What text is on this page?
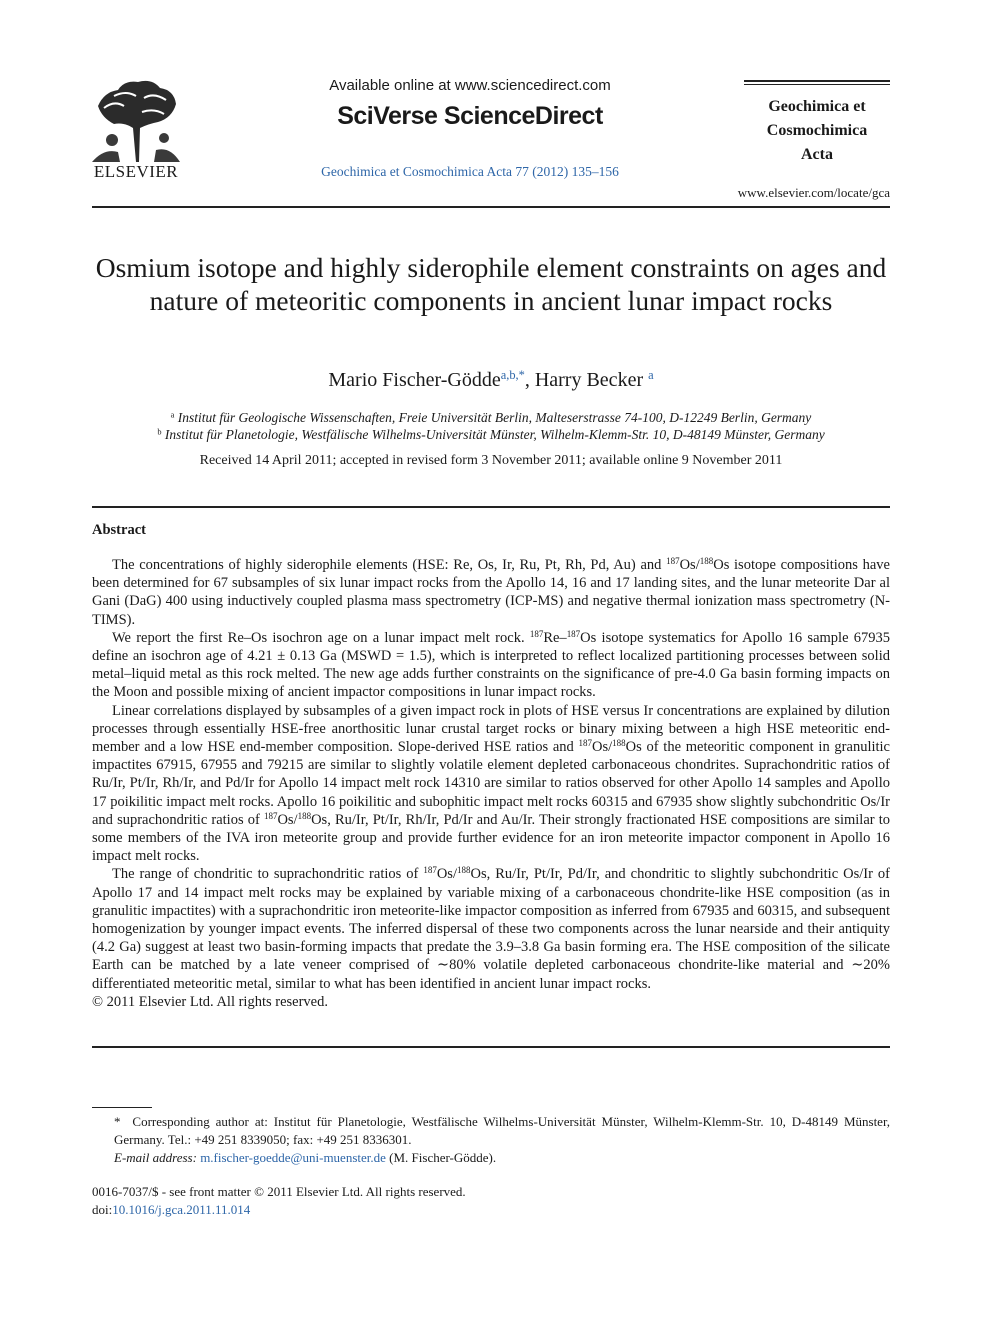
ELSEVIER
Available online at www.sciencedirect.com
SciVerse ScienceDirect
Geochimica et Cosmochimica Acta 77 (2012) 135–156
Geochimica et
Cosmochimica
Acta
www.elsevier.com/locate/gca
Osmium isotope and highly siderophile element constraints on ages and nature of meteoritic components in ancient lunar impact rocks
Mario Fischer-Gödde$^{a,b,*}$, Harry Becker $^a$
$^a$ Institut für Geologische Wissenschaften, Freie Universität Berlin, Malteserstrasse 74-100, D-12249 Berlin, Germany
$^b$ Institut für Planetologie, Westfälische Wilhelms-Universität Münster, Wilhelm-Klemm-Str. 10, D-48149 Münster, Germany
Received 14 April 2011; accepted in revised form 3 November 2011; available online 9 November 2011
Abstract

The concentrations of highly siderophile elements (HSE: Re, Os, Ir, Ru, Pt, Rh, Pd, Au) and $^{187}$Os/$^{188}$Os isotope compositions have been determined for 67 subsamples of six lunar impact rocks from the Apollo 14, 16 and 17 landing sites, and the lunar meteorite Dar al Gani (DaG) 400 using inductively coupled plasma mass spectrometry (ICP-MS) and negative thermal ionization mass spectrometry (N-TIMS).

We report the first Re–Os isochron age on a lunar impact melt rock. $^{187}$Re–$^{187}$Os isotope systematics for Apollo 16 sample 67935 define an isochron age of 4.21 ± 0.13 Ga (MSWD = 1.5), which is interpreted to reflect localized partitioning processes between solid metal–liquid metal as this rock melted. The new age adds further constraints on the significance of pre-4.0 Ga basin forming impacts on the Moon and possible mixing of ancient impactor compositions in lunar impact rocks.

Linear correlations displayed by subsamples of a given impact rock in plots of HSE versus Ir concentrations are explained by dilution processes through essentially HSE-free anorthositic lunar crustal target rocks or binary mixing between a high HSE meteoritic end-member and a low HSE end-member composition. Slope-derived HSE ratios and $^{187}$Os/$^{188}$Os of the meteoritic component in granulitic impactites 67915, 67955 and 79215 are similar to slightly volatile element depleted carbonaceous chondrites. Suprachondritic ratios of Ru/Ir, Pt/Ir, Rh/Ir, and Pd/Ir for Apollo 14 impact melt rock 14310 are similar to ratios observed for other Apollo 14 samples and Apollo 17 poikilitic impact melt rocks. Apollo 16 poikilitic and subophitic impact melt rocks 60315 and 67935 show slightly subchondritic Os/Ir and suprachondritic ratios of $^{187}$Os/$^{188}$Os, Ru/Ir, Pt/Ir, Rh/Ir, Pd/Ir and Au/Ir. Their strongly fractionated HSE compositions are similar to some members of the IVA iron meteorite group and provide further evidence for an iron meteorite impactor component in Apollo 16 impact melt rocks.

The range of chondritic to suprachondritic ratios of $^{187}$Os/$^{188}$Os, Ru/Ir, Pt/Ir, Pd/Ir, and chondritic to slightly subchondritic Os/Ir of Apollo 17 and 14 impact melt rocks may be explained by variable mixing of a carbonaceous chondrite-like HSE composition (as in granulitic impactites) with a suprachondritic iron meteorite-like impactor composition as inferred from 67935 and 60315, and subsequent homogenization by younger impact events. The inferred dispersal of these two components across the lunar nearside and their antiquity (4.2 Ga) suggest at least two basin-forming impacts that predate the 3.9–3.8 Ga basin forming era. The HSE composition of the silicate Earth can be matched by a late veneer comprised of ∼80% volatile depleted carbonaceous chondrite-like material and ∼20% differentiated meteoritic metal, similar to what has been identified in ancient lunar impact rocks.

© 2011 Elsevier Ltd. All rights reserved.

* Corresponding author at: Institut für Planetologie, Westfälische Wilhelms-Universität Münster, Wilhelm-Klemm-Str. 10, D-48149 Münster, Germany. Tel.: +49 251 8339050; fax: +49 251 8336301.

E-mail address: m.fischer-goedde@uni-muenster.de (M. Fischer-Gödde).

0016-7037/$ - see front matter © 2011 Elsevier Ltd. All rights reserved.

doi:10.1016/j.gca.2011.11.014
